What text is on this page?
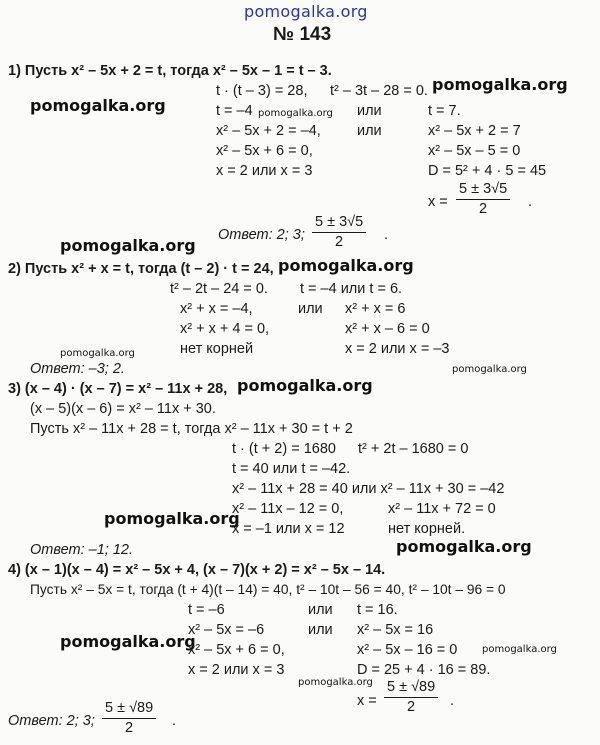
pomogalka.org
№ 143
1) Пусть x² – 5x + 2 = t, тогда x² – 5x – 1 = t – 3.
pomogalka.org
t · (t – 3) = 28, t² – 3t – 28 = 0.
pomogalka.org	t = –4	или	t = 7.
pomogalka.org
x² – 5x + 2 = –4, или	x² – 5x + 2 = 7
x² – 5x + 6 = 0,	x² – 5x – 5 = 0
x = 2 или x = 3	D = 5² + 4 · 5 = 45
$x = \frac{5 \pm 3√5}{2}$ .
Ответ: 2; 3; $\frac{5 \pm 3√5}{2}$ .
pomogalka.org
2) Пусть x² + x = t, тогда (t – 2) · t = 24, pomogalka.org
t² – 2t – 24 = 0. t = –4 или t = 6.
x² + x = –4,	или x² + x = 6
x² + x + 4 = 0,	x² + x – 6 = 0
нет корней	x = 2 или x = –3
pomogalka.org
Ответ: –3; 2.	pomogalka.org
3) (x – 4) · (x – 7) = x² – 11x + 28, pomogalka.org
(x – 5)(x – 6) = x² – 11x + 30.
Пусть x² – 11x + 28 = t, тогда x² – 11x + 30 = t + 2
t · (t + 2) = 1680 t² + 2t – 1680 = 0
t = 40 или t = –42.
x² – 11x + 28 = 40 или x² – 11x + 30 = –42
x² – 11x – 12 = 0,	x² – 11x + 72 = 0
pomogalka.org
x = –1 или x = 12	нет корней.
pomogalka.org
Ответ: –1; 12.
4) (x – 1)(x – 4) = x² – 5x + 4, (x – 7)(x + 2) = x² – 5x – 14.
Пусть x² – 5x = t, тогда (t + 4)(t – 14) = 40, t² – 10t – 56 = 40, t² – 10t – 96 = 0
t = –6	или t = 16.
x² – 5x = –6	или x² – 5x = 16
pomogalka.org
x² – 5x + 6 = 0,	x² – 5x – 16 = 0 pomogalka.org
x = 2 или x = 3	D = 25 + 4 · 16 = 89.
pomogalka.org
$x = \frac{5 \pm √89}{2}$ .
Ответ: 2; 3; $\frac{5 \pm √89}{2}$ .
